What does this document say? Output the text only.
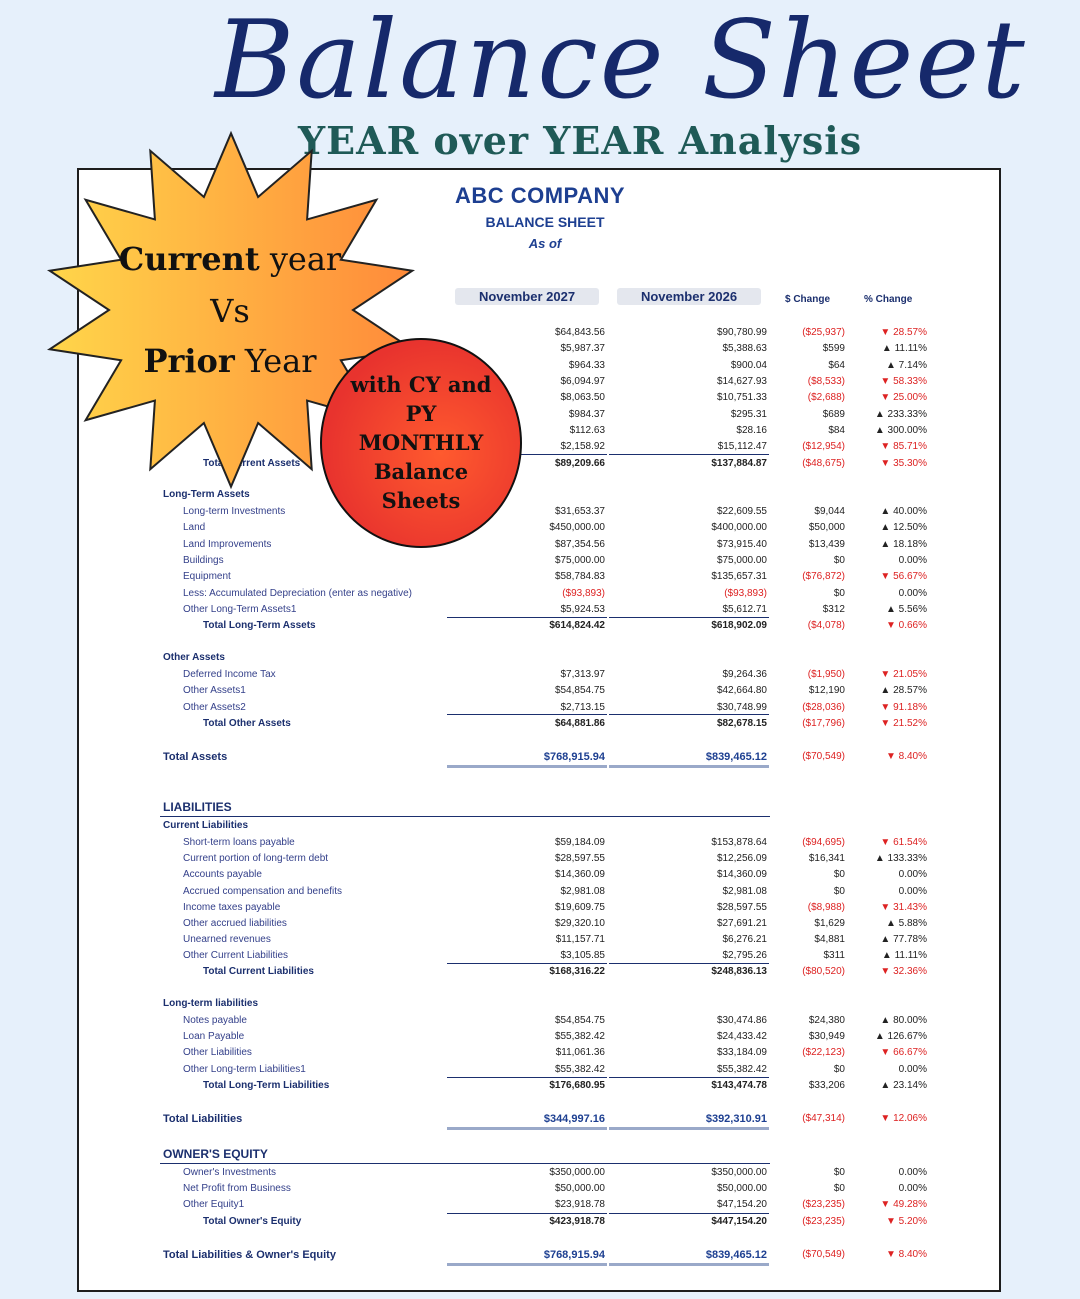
Balance Sheet
YEAR over YEAR Analysis
ABC COMPANY
BALANCE SHEET
As of
November 2027	November 2026	$ Change	% Change
$64,843.56	$90,780.99	($25,937)	▼ 28.57%
$5,987.37	$5,388.63	$599	▲ 11.11%
$964.33	$900.04	$64	▲ 7.14%
$6,094.97	$14,627.93	($8,533)	▼ 58.33%
$8,063.50	$10,751.33	($2,688)	▼ 25.00%
$984.37	$295.31	$689	▲ 233.33%
$112.63	$28.16	$84	▲ 300.00%
$2,158.92	$15,112.47	($12,954)	▼ 85.71%
Total Current Assets	$89,209.66	$137,884.87	($48,675)	▼ 35.30%
Long-Term Assets
Long-term Investments	$31,653.37	$22,609.55	$9,044	▲ 40.00%
Land	$450,000.00	$400,000.00	$50,000	▲ 12.50%
Land Improvements	$87,354.56	$73,915.40	$13,439	▲ 18.18%
Buildings	$75,000.00	$75,000.00	$0	0.00%
Equipment	$58,784.83	$135,657.31	($76,872)	▼ 56.67%
Less: Accumulated Depreciation (enter as negative)	($93,893)	($93,893)	$0	0.00%
Other Long-Term Assets1	$5,924.53	$5,612.71	$312	▲ 5.56%
Total Long-Term Assets	$614,824.42	$618,902.09	($4,078)	▼ 0.66%
Other Assets
Deferred Income Tax	$7,313.97	$9,264.36	($1,950)	▼ 21.05%
Other Assets1	$54,854.75	$42,664.80	$12,190	▲ 28.57%
Other Assets2	$2,713.15	$30,748.99	($28,036)	▼ 91.18%
Total Other Assets	$64,881.86	$82,678.15	($17,796)	▼ 21.52%
Total Assets	$768,915.94	$839,465.12	($70,549)	▼ 8.40%
LIABILITIES
Current Liabilities
Short-term loans payable	$59,184.09	$153,878.64	($94,695)	▼ 61.54%
Current portion of long-term debt	$28,597.55	$12,256.09	$16,341	▲ 133.33%
Accounts payable	$14,360.09	$14,360.09	$0	0.00%
Accrued compensation and benefits	$2,981.08	$2,981.08	$0	0.00%
Income taxes payable	$19,609.75	$28,597.55	($8,988)	▼ 31.43%
Other accrued liabilities	$29,320.10	$27,691.21	$1,629	▲ 5.88%
Unearned revenues	$11,157.71	$6,276.21	$4,881	▲ 77.78%
Other Current Liabilities	$3,105.85	$2,795.26	$311	▲ 11.11%
Total Current Liabilities	$168,316.22	$248,836.13	($80,520)	▼ 32.36%
Long-term liabilities
Notes payable	$54,854.75	$30,474.86	$24,380	▲ 80.00%
Loan Payable	$55,382.42	$24,433.42	$30,949	▲ 126.67%
Other Liabilities	$11,061.36	$33,184.09	($22,123)	▼ 66.67%
Other Long-term Liabilities1	$55,382.42	$55,382.42	$0	0.00%
Total Long-Term Liabilities	$176,680.95	$143,474.78	$33,206	▲ 23.14%
Total Liabilities	$344,997.16	$392,310.91	($47,314)	▼ 12.06%
OWNER'S EQUITY
Owner's Investments	$350,000.00	$350,000.00	$0	0.00%
Net Profit from Business	$50,000.00	$50,000.00	$0	0.00%
Other Equity1	$23,918.78	$47,154.20	($23,235)	▼ 49.28%
Total Owner's Equity	$423,918.78	$447,154.20	($23,235)	▼ 5.20%
Total Liabilities & Owner's Equity	$768,915.94	$839,465.12	($70,549)	▼ 8.40%
Current year
Vs
Prior Year
with CY and
PY
MONTHLY
Balance
Sheets
